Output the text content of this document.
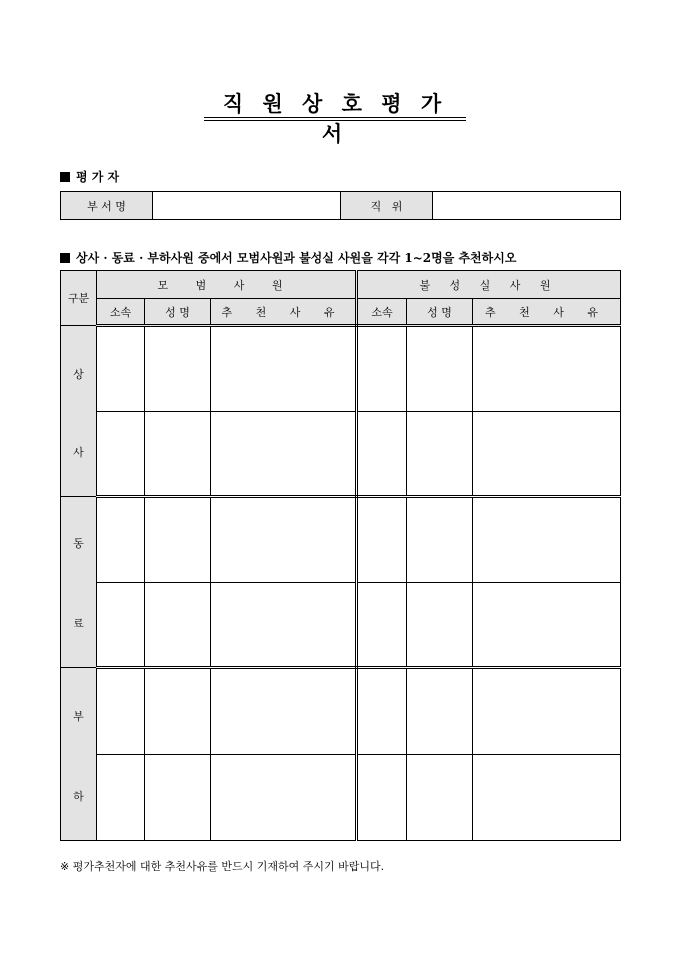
직 원 상 호 평 가 서
평 가 자
부 서 명		직   위	
상사 · 동료 · 부하사원 중에서 모범사원과 불성실 사원을 각각 1~2명을 추천하시오
구분	모 범 사 원			불 성 실 사 원		
	소속	성 명	추 천 사 유	소속	성 명	추 천 사 유

상
사						

동
료						

부
하						

※ 평가추천자에 대한 추천사유를 반드시 기재하여 주시기 바랍니다.
